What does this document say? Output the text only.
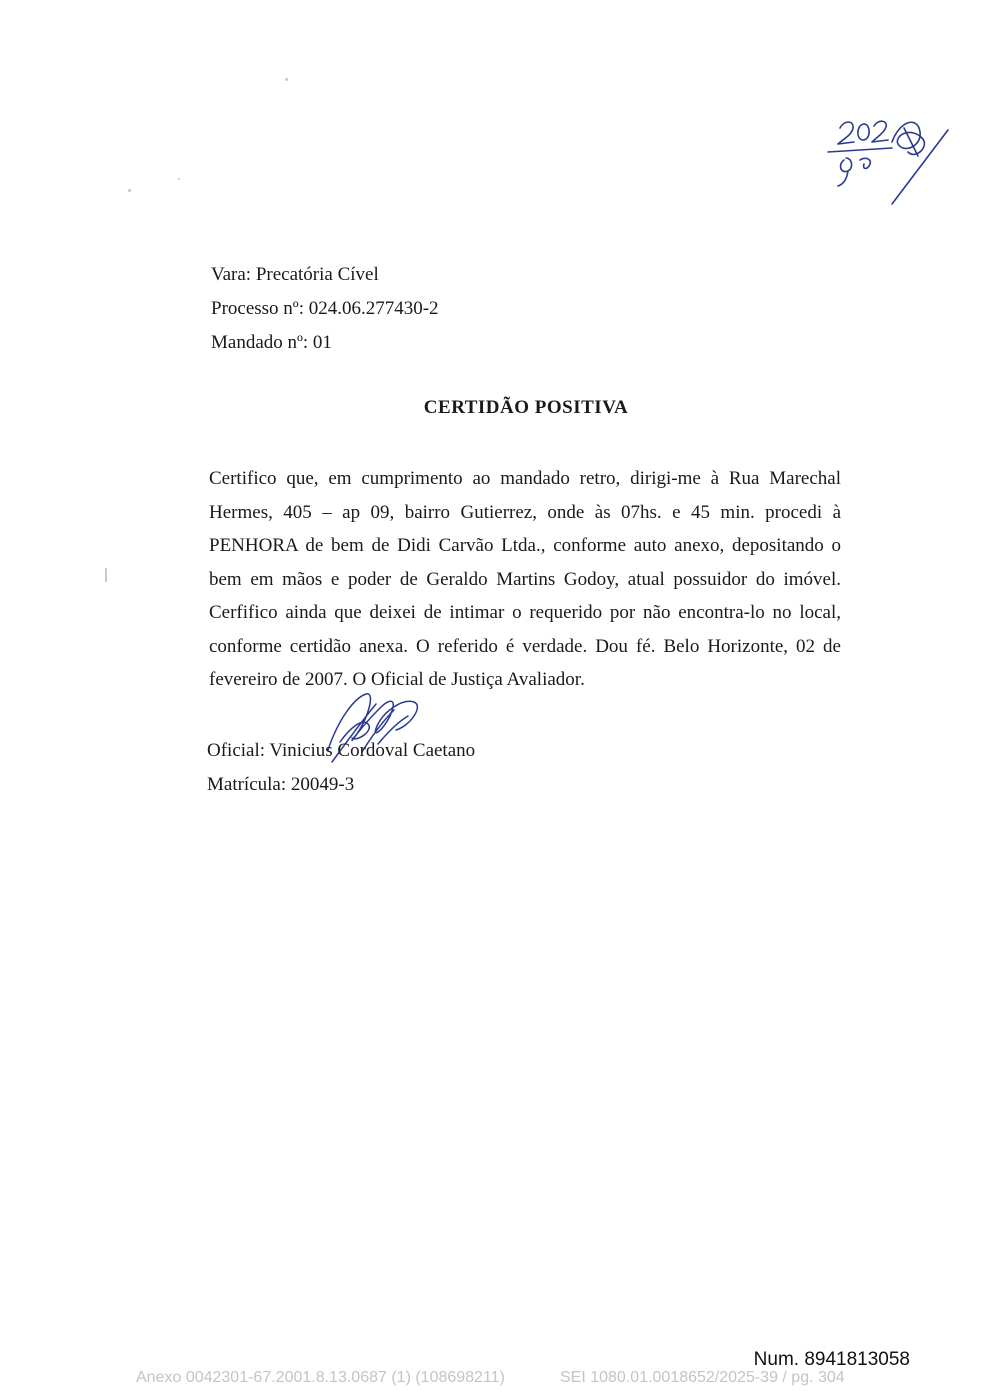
Vara: Precatória Cível
Processo nº: 024.06.277430-2
Mandado nº: 01
CERTIDÃO POSITIVA

Certifico que, em cumprimento ao mandado retro, dirigi-me à Rua Marechal Hermes, 405 – ap 09, bairro Gutierrez, onde às 07hs. e 45 min. procedi à PENHORA de bem de Didi Carvão Ltda., conforme auto anexo, depositando o bem em mãos e poder de Geraldo Martins Godoy, atual possuidor do imóvel. Cerfifico ainda que deixei de intimar o requerido por não encontra-lo no local, conforme certidão anexa. O referido é verdade. Dou fé. Belo Horizonte, 02 de fevereiro de 2007. O Oficial de Justiça Avaliador.

Oficial: Vinicius Cordoval Caetano
Matrícula: 20049-3
Num. 8941813058
Anexo 0042301-67.2001.8.13.0687 (1) (108698211)	SEI 1080.01.0018652/2025-39 / pg. 304
